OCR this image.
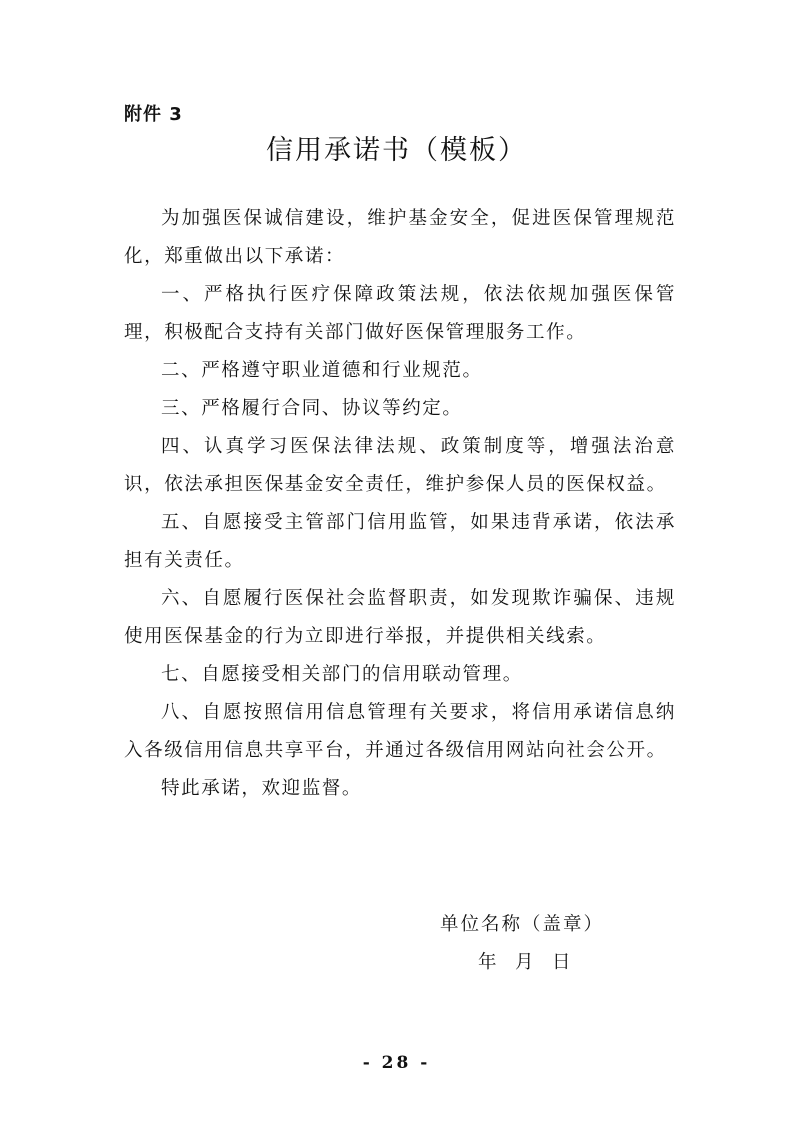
附件 3
信用承诺书（模板）

为加强医保诚信建设，维护基金安全，促进医保管理规范化，郑重做出以下承诺：

一、严格执行医疗保障政策法规，依法依规加强医保管理，积极配合支持有关部门做好医保管理服务工作。

二、严格遵守职业道德和行业规范。

三、严格履行合同、协议等约定。

四、认真学习医保法律法规、政策制度等，增强法治意识，依法承担医保基金安全责任，维护参保人员的医保权益。

五、自愿接受主管部门信用监管，如果违背承诺，依法承担有关责任。

六、自愿履行医保社会监督职责，如发现欺诈骗保、违规使用医保基金的行为立即进行举报，并提供相关线索。

七、自愿接受相关部门的信用联动管理。

八、自愿按照信用信息管理有关要求，将信用承诺信息纳入各级信用信息共享平台，并通过各级信用网站向社会公开。

特此承诺，欢迎监督。

单位名称（盖章）
年　月　日
- 28 -
